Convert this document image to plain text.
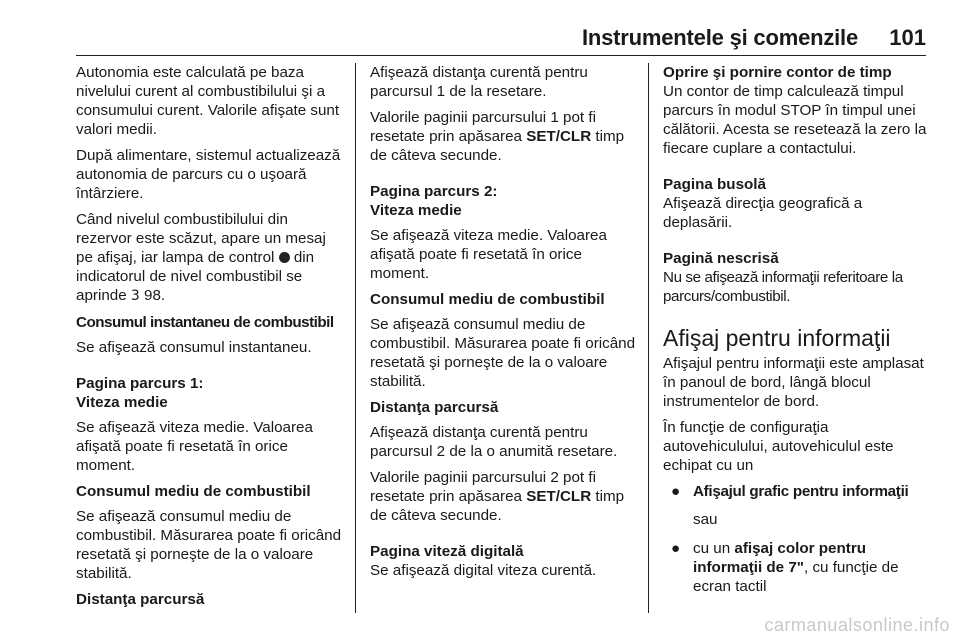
Instrumentele şi comenzile 101

Autonomia este calculată pe baza nivelului curent al combustibilului şi a consumului curent. Valorile afişate sunt valori medii.

După alimentare, sistemul actualizează autonomia de parcurs cu o uşoară întârziere.

Când nivelul combustibilului din rezervor este scăzut, apare un mesaj pe afişaj, iar lampa de control  din indicatorul de nivel combustibil se aprinde 3 98.

Consumul instantaneu de combustibil

Se afişează consumul instantaneu.

Pagina parcurs 1:

Viteza medie

Se afişează viteza medie. Valoarea afişată poate fi resetată în orice moment.

Consumul mediu de combustibil

Se afişează consumul mediu de combustibil. Măsurarea poate fi oricând resetată şi porneşte de la o valoare stabilită.

Distanţa parcursă

Afişează distanţa curentă pentru parcursul 1 de la resetare.

Valorile paginii parcursului 1 pot fi resetate prin apăsarea SET/CLR timp de câteva secunde.

Pagina parcurs 2:

Viteza medie

Se afişează viteza medie. Valoarea afişată poate fi resetată în orice moment.

Consumul mediu de combustibil

Se afişează consumul mediu de combustibil. Măsurarea poate fi oricând resetată şi porneşte de la o valoare stabilită.

Distanţa parcursă

Afişează distanţa curentă pentru parcursul 2 de la o anumită resetare.

Valorile paginii parcursului 2 pot fi resetate prin apăsarea SET/CLR timp de câteva secunde.

Pagina viteză digitală

Se afişează digital viteza curentă.

Oprire şi pornire contor de timp

Un contor de timp calculează timpul parcurs în modul STOP în timpul unei călătorii. Acesta se resetează la zero la fiecare cuplare a contactului.

Pagina busolă

Afişează direcţia geografică a deplasării.

Pagină nescrisă

Nu se afişează informaţii referitoare la parcurs/combustibil.

Afişaj pentru informaţii

Afişajul pentru informaţii este amplasat în panoul de bord, lângă blocul instrumentelor de bord.

În funcţie de configuraţia autovehiculului, autovehiculul este echipat cu un

● Afişajul grafic pentru informaţii
sau
● cu un afişaj color pentru informaţii de 7", cu funcţie de ecran tactil
carmanualsonline.info
